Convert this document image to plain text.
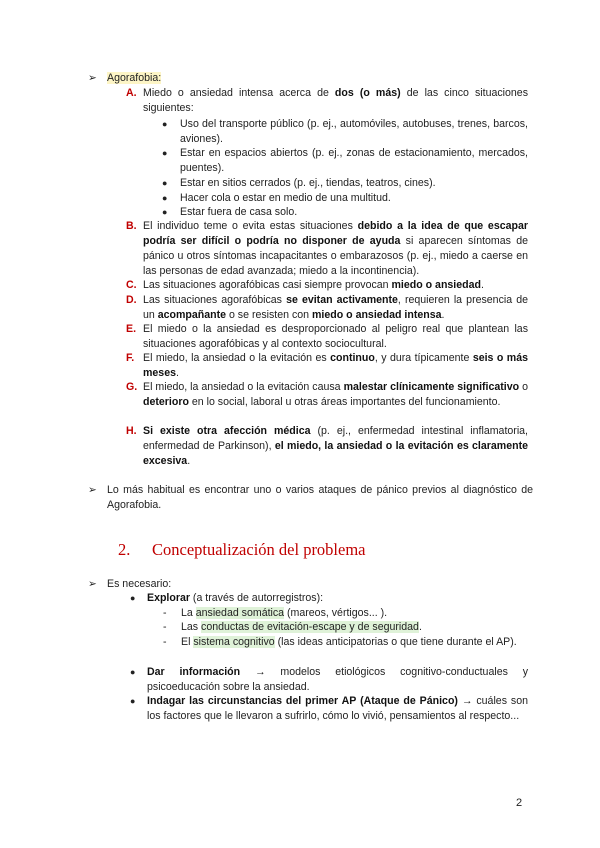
➢ Agorafobia:
A. Miedo o ansiedad intensa acerca de dos (o más) de las cinco situaciones siguientes:
● Uso del transporte público (p. ej., automóviles, autobuses, trenes, barcos, aviones).
● Estar en espacios abiertos (p. ej., zonas de estacionamiento, mercados, puentes).
● Estar en sitios cerrados (p. ej., tiendas, teatros, cines).
● Hacer cola o estar en medio de una multitud.
● Estar fuera de casa solo.
B. El individuo teme o evita estas situaciones debido a la idea de que escapar podría ser difícil o podría no disponer de ayuda si aparecen síntomas de pánico u otros síntomas incapacitantes o embarazosos (p. ej., miedo a caerse en las personas de edad avanzada; miedo a la incontinencia).
C. Las situaciones agorafóbicas casi siempre provocan miedo o ansiedad.
D. Las situaciones agorafóbicas se evitan activamente, requieren la presencia de un acompañante o se resisten con miedo o ansiedad intensa.
E. El miedo o la ansiedad es desproporcionado al peligro real que plantean las situaciones agorafóbicas y al contexto sociocultural.
F. El miedo, la ansiedad o la evitación es continuo, y dura típicamente seis o más meses.
G. El miedo, la ansiedad o la evitación causa malestar clínicamente significativo o deterioro en lo social, laboral u otras áreas importantes del funcionamiento.
H. Si existe otra afección médica (p. ej., enfermedad intestinal inflamatoria, enfermedad de Parkinson), el miedo, la ansiedad o la evitación es claramente excesiva.
➢ Lo más habitual es encontrar uno o varios ataques de pánico previos al diagnóstico de Agorafobia.
2. Conceptualización del problema
➢ Es necesario:
● Explorar (a través de autorregistros):
- La ansiedad somática (mareos, vértigos... ).
- Las conductas de evitación-escape y de seguridad.
- El sistema cognitivo (las ideas anticipatorias o que tiene durante el AP).
● Dar información → modelos etiológicos cognitivo-conductuales y psicoeducación sobre la ansiedad.
● Indagar las circunstancias del primer AP (Ataque de Pánico) → cuáles son los factores que le llevaron a sufrirlo, cómo lo vivió, pensamientos al respecto...
2
